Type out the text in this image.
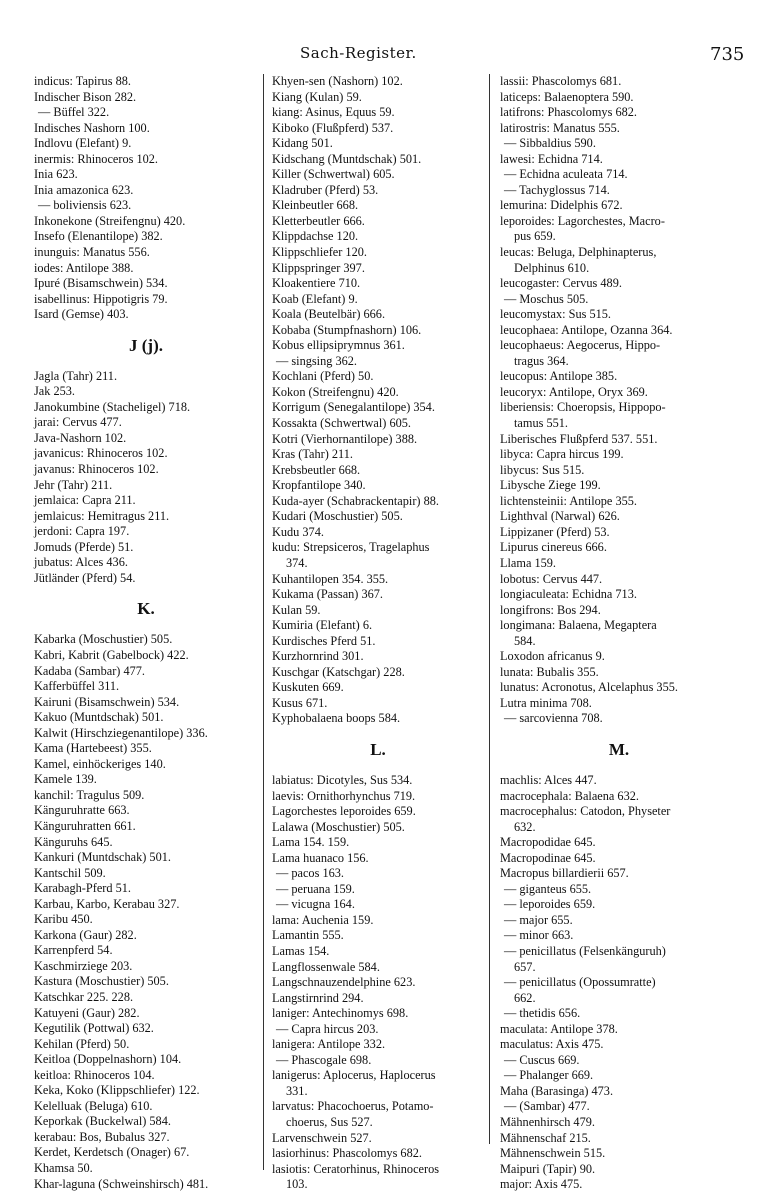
Sach-Register.	735
indicus: Tapirus 88.
Indischer Bison 282.
— Büffel 322.
Indisches Nashorn 100.
Indlovu (Elefant) 9.
inermis: Rhinoceros 102.
Inia 623.
Inia amazonica 623.
— boliviensis 623.
Inkonekone (Streifengnu) 420.
Insefo (Elenantilope) 382.
inunguis: Manatus 556.
iodes: Antilope 388.
Ipuré (Bisamschwein) 534.
isabellinus: Hippotigris 79.
Isard (Gemse) 403.
J (j).
Jagla (Tahr) 211.
Jak 253.
Janokumbine (Stacheligel) 718.
jarai: Cervus 477.
Java-Nashorn 102.
javanicus: Rhinoceros 102.
javanus: Rhinoceros 102.
Jehr (Tahr) 211.
jemlaica: Capra 211.
jemlaicus: Hemitragus 211.
jerdoni: Capra 197.
Jomuds (Pferde) 51.
jubatus: Alces 436.
Jütländer (Pferd) 54.
K.
Kabarka (Moschustier) 505.
Kabri, Kabrit (Gabelbock) 422.
Kadaba (Sambar) 477.
Kafferbüffel 311.
Kairuni (Bisamschwein) 534.
Kakuo (Muntdschak) 501.
Kalwit (Hirschziegenantilope) 336.
Kama (Hartebeest) 355.
Kamel, einhöckeriges 140.
Kamele 139.
kanchil: Tragulus 509.
Känguruhratte 663.
Känguruhratten 661.
Känguruhs 645.
Kankuri (Muntdschak) 501.
Kantschil 509.
Karabagh-Pferd 51.
Karbau, Karbo, Kerabau 327.
Karibu 450.
Karkona (Gaur) 282.
Karrenpferd 54.
Kaschmirziege 203.
Kastura (Moschustier) 505.
Katschkar 225. 228.
Katuyeni (Gaur) 282.
Kegutilik (Pottwal) 632.
Kehilan (Pferd) 50.
Keitloa (Doppelnashorn) 104.
keitloa: Rhinoceros 104.
Keka, Koko (Klippschliefer) 122.
Kelelluak (Beluga) 610.
Keporkak (Buckelwal) 584.
kerabau: Bos, Bubalus 327.
Kerdet, Kerdetsch (Onager) 67.
Khamsa 50.
Khar-laguna (Schweinshirsch) 481.
Khyen-sen (Nashorn) 102.
Kiang (Kulan) 59.
kiang: Asinus, Equus 59.
Kiboko (Flußpferd) 537.
Kidang 501.
Kidschang (Muntdschak) 501.
Killer (Schwertwal) 605.
Kladruber (Pferd) 53.
Kleinbeutler 668.
Kletterbeutler 666.
Klippdachse 120.
Klippschliefer 120.
Klippspringer 397.
Kloakentiere 710.
Koab (Elefant) 9.
Koala (Beutelbär) 666.
Kobaba (Stumpfnashorn) 106.
Kobus ellipsiprymnus 361.
— singsing 362.
Kochlani (Pferd) 50.
Kokon (Streifengnu) 420.
Korrigum (Senegalantilope) 354.
Kossakta (Schwertwal) 605.
Kotri (Vierhornantilope) 388.
Kras (Tahr) 211.
Krebsbeutler 668.
Kropfantilope 340.
Kuda-ayer (Schabrackentapir) 88.
Kudari (Moschustier) 505.
Kudu 374.
kudu: Strepsiceros, Tragelaphus
374.
Kuhantilopen 354. 355.
Kukama (Passan) 367.
Kulan 59.
Kumiria (Elefant) 6.
Kurdisches Pferd 51.
Kurzhornrind 301.
Kuschgar (Katschgar) 228.
Kuskuten 669.
Kusus 671.
Kyphobalaena boops 584.
L.
labiatus: Dicotyles, Sus 534.
laevis: Ornithorhynchus 719.
Lagorchestes leporoides 659.
Lalawa (Moschustier) 505.
Lama 154. 159.
Lama huanaco 156.
— pacos 163.
— peruana 159.
— vicugna 164.
lama: Auchenia 159.
Lamantin 555.
Lamas 154.
Langflossenwale 584.
Langschnauzendelphine 623.
Langstirnrind 294.
laniger: Antechinomys 698.
— Capra hircus 203.
lanigera: Antilope 332.
— Phascogale 698.
lanigerus: Aplocerus, Haplocerus
331.
larvatus: Phacochoerus, Potamo-
choerus, Sus 527.
Larvenschwein 527.
lasiorhinus: Phascolomys 682.
lasiotis: Ceratorhinus, Rhinoceros
103.
lassii: Phascolomys 681.
laticeps: Balaenoptera 590.
latifrons: Phascolomys 682.
latirostris: Manatus 555.
— Sibbaldius 590.
lawesi: Echidna 714.
— Echidna aculeata 714.
— Tachyglossus 714.
lemurina: Didelphis 672.
leporoides: Lagorchestes, Macro-
pus 659.
leucas: Beluga, Delphinapterus,
Delphinus 610.
leucogaster: Cervus 489.
— Moschus 505.
leucomystax: Sus 515.
leucophaea: Antilope, Ozanna 364.
leucophaeus: Aegocerus, Hippo-
tragus 364.
leucopus: Antilope 385.
leucoryx: Antilope, Oryx 369.
liberiensis: Choeropsis, Hippopo-
tamus 551.
Liberisches Flußpferd 537. 551.
libyca: Capra hircus 199.
libycus: Sus 515.
Libysche Ziege 199.
lichtensteinii: Antilope 355.
Lighthval (Narwal) 626.
Lippizaner (Pferd) 53.
Lipurus cinereus 666.
Llama 159.
lobotus: Cervus 447.
longiaculeata: Echidna 713.
longifrons: Bos 294.
longimana: Balaena, Megaptera
584.
Loxodon africanus 9.
lunata: Bubalis 355.
lunatus: Acronotus, Alcelaphus 355.
Lutra minima 708.
— sarcovienna 708.
M.
machlis: Alces 447.
macrocephala: Balaena 632.
macrocephalus: Catodon, Physeter
632.
Macropodidae 645.
Macropodinae 645.
Macropus billardierii 657.
— giganteus 655.
— leporoides 659.
— major 655.
— minor 663.
— penicillatus (Felsenkänguruh)
657.
— penicillatus (Opossumratte)
662.
— thetidis 656.
maculata: Antilope 378.
maculatus: Axis 475.
— Cuscus 669.
— Phalanger 669.
Maha (Barasinga) 473.
— (Sambar) 477.
Mähnenhirsch 479.
Mähnenschaf 215.
Mähnenschwein 515.
Maipuri (Tapir) 90.
major: Axis 475.
